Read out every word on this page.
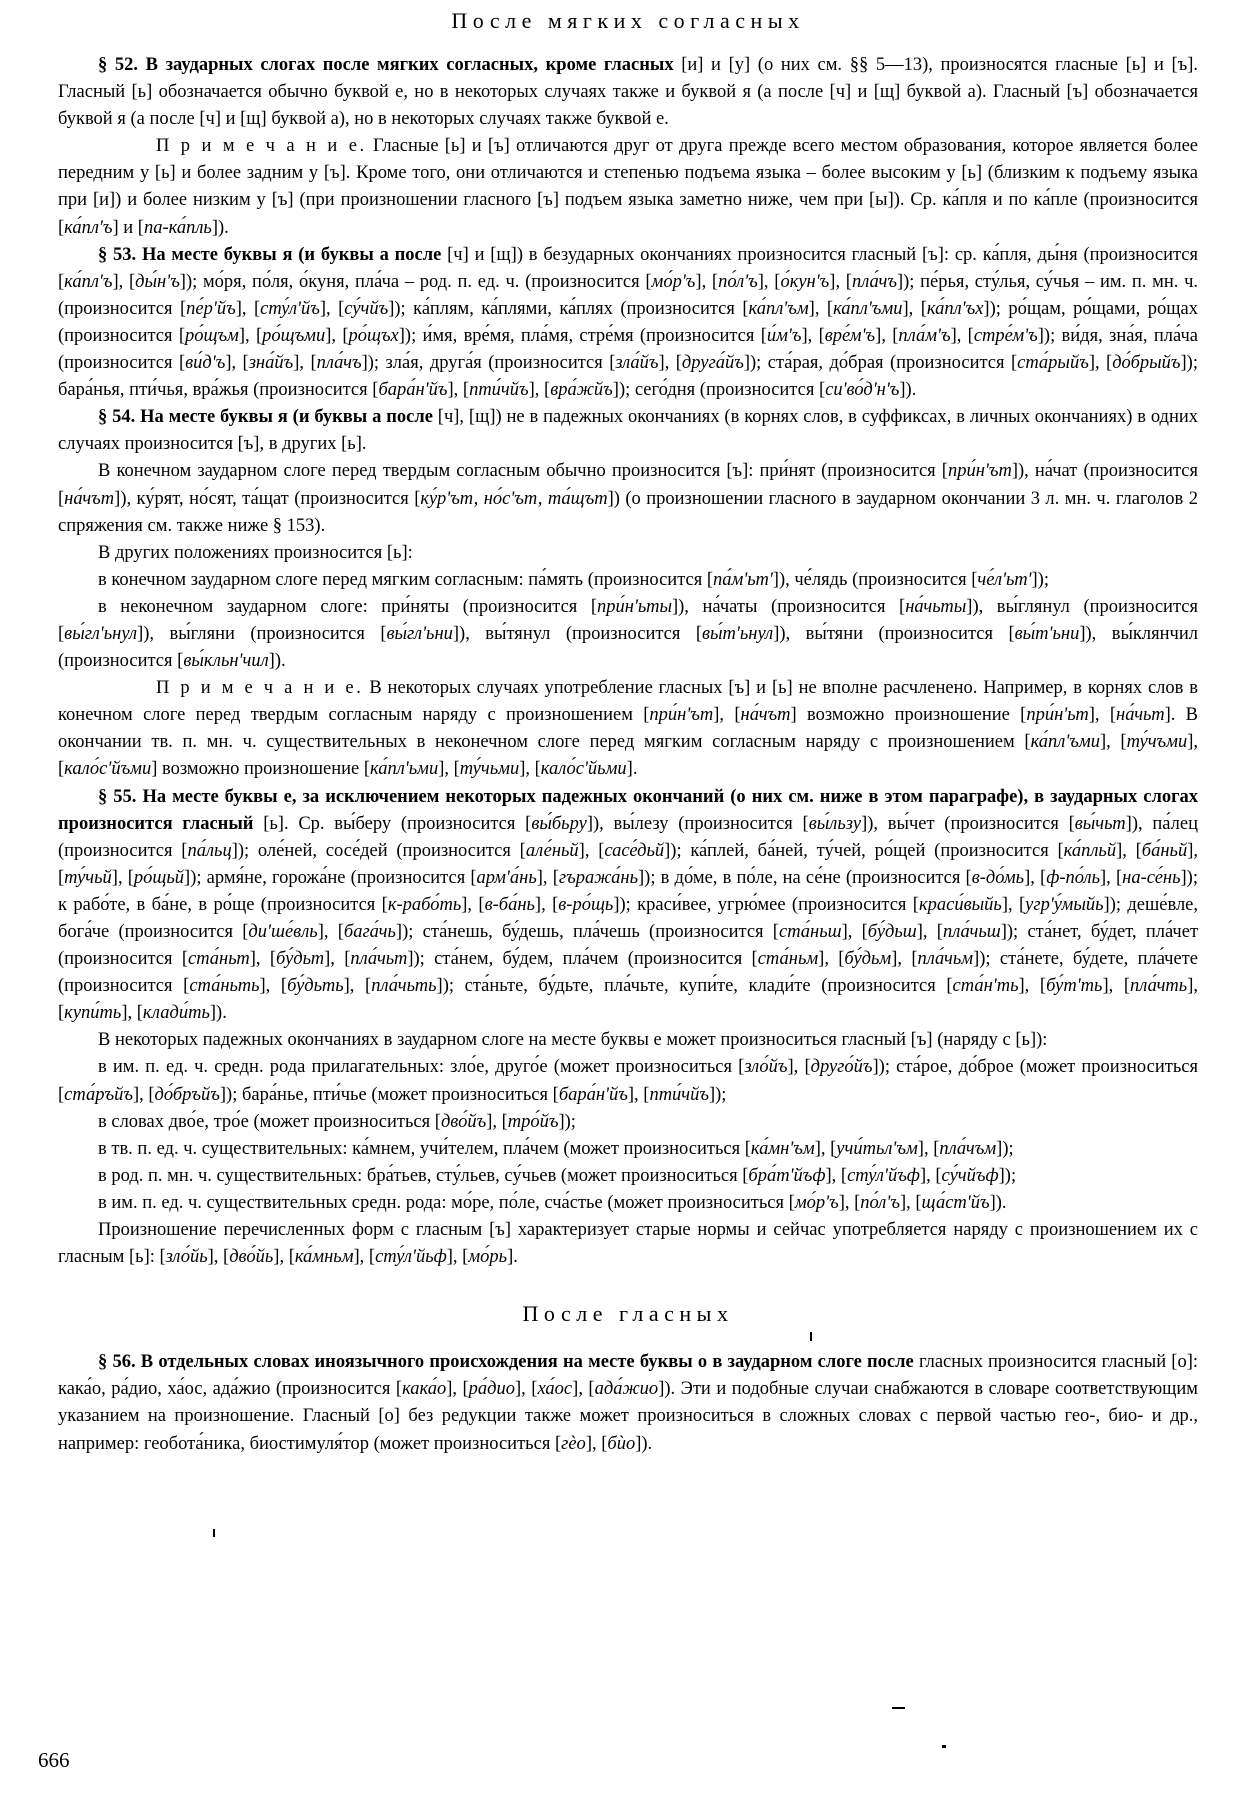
После мягких согласных

§ 52. В заударных слогах после мягких согласных, кроме гласных [и] и [у] (о них см. §§ 5—13), произносятся гласные [ь] и [ъ]. Гласный [ь] обозначается обычно буквой е, но в некоторых случаях также и буквой я (а после [ч] и [щ] буквой а). Гласный [ъ] обозначается буквой я (а после [ч] и [щ] буквой а), но в некоторых случаях также буквой е.

П р и м е ч а н и е. Гласные [ь] и [ъ] отличаются друг от друга прежде всего местом образования, которое является более передним у [ь] и более задним у [ъ]. Кроме того, они отличаются и степенью подъема языка – более высоким у [ь] (близким к подъему языка при [и]) и более низким у [ъ] (при произношении гласного [ъ] подъем языка заметно ниже, чем при [ы]). Ср. ка́пля и по ка́пле (произносится [ка́пл'ъ] и [па-ка́пль]).

§ 53. На месте буквы я (и буквы а после [ч] и [щ]) в безударных окончаниях произносится гласный [ъ]: ср. ка́пля, ды́ня (произносится [ка́пл'ъ], [ды́н'ъ]); мо́ря, по́ля, о́куня, пла́ча – род. п. ед. ч. (произносится [мо́р'ъ], [по́л'ъ], [о́кун'ъ], [пла́чъ]); пе́рья, сту́лья, су́чья – им. п. мн. ч. (произносится [пе́р'йъ], [сту́л'йъ], [су́чйъ]); ка́плям, ка́плями, ка́плях (произносится [ка́пл'ъм], [ка́пл'ъми], [ка́пл'ъх]); ро́щам, ро́щами, ро́щах (произносится [ро́щъм], [ро́щъми], [ро́щъх]); и́мя, вре́мя, пла́мя, стре́мя (произносится [и́м'ъ], [вре́м'ъ], [пла́м'ъ], [стре́м'ъ]); ви́дя, зна́я, пла́ча (произносится [ви́д'ъ], [зна́йъ], [пла́чъ]); зла́я, друга́я (произносится [зла́йъ], [друга́йъ]); ста́рая, до́брая (произносится [ста́рыйъ], [до́брыйъ]); бара́нья, пти́чья, вра́жья (произносится [бара́н'йъ], [пти́чйъ], [вра́жйъ]); сего́дня (произносится [си'во́д'н'ъ]).

§ 54. На месте буквы я (и буквы а после [ч], [щ]) не в падежных окончаниях (в корнях слов, в суффиксах, в личных окончаниях) в одних случаях произносится [ъ], в других [ь].

В конечном заударном слоге перед твердым согласным обычно произносится [ъ]: при́нят (произносится [при́н'ът]), на́чат (произносится [на́чът]), ку́рят, но́сят, та́щат (произносится [ку́р'ът, но́с'ът, та́щът]) (о произношении гласного в заударном окончании 3 л. мн. ч. глаголов 2 спряжения см. также ниже § 153).

В других положениях произносится [ь]:

в конечном заударном слоге перед мягким согласным: па́мять (произносится [па́м'ьт']), че́лядь (произносится [че́л'ьт']);

в неконечном заударном слоге: при́няты (произносится [при́н'ьты]), на́чаты (произносится [на́чьты]), вы́глянул (произносится [вы́гл'ьнул]), вы́гляни (произносится [вы́гл'ьни]), вы́тянул (произносится [вы́т'ьнул]), вы́тяни (произносится [вы́т'ьни]), вы́клянчил (произносится [вы́кльн'чил]).

П р и м е ч а н и е. В некоторых случаях употребление гласных [ъ] и [ь] не вполне расчленено. Например, в корнях слов в конечном слоге перед твердым согласным наряду с произношением [при́н'ът], [на́чът] возможно произношение [при́н'ьт], [на́чьт]. В окончании тв. п. мн. ч. существительных в неконечном слоге перед мягким согласным наряду с произношением [ка́пл'ъми], [ту́чъми], [кало́с'йъми] возможно произношение [ка́пл'ьми], [ту́чьми], [кало́с'йьми].

§ 55. На месте буквы е, за исключением некоторых падежных окончаний (о них см. ниже в этом параграфе), в заударных слогах произносится гласный [ь]. Ср. вы́беру (произносится [вы́бьру]), вы́лезу (произносится [вы́льзу]), вы́чет (произносится [вы́чьт]), па́лец (произносится [па́льц]); оле́ней, сосе́дей (произносится [але́ньй], [сасе́дьй]); ка́плей, ба́ней, ту́чей, ро́щей (произносится [ка́пльй], [ба́ньй], [ту́чьй], [ро́щьй]); армя́не, горожа́не (произносится [арм'а́нь], [гъража́нь]); в до́ме, в по́ле, на се́не (произносится [в-до́мь], [ф-по́ль], [на-се́нь]); к рабо́те, в ба́не, в ро́ще (произносится [к-рабо́ть], [в-ба́нь], [в-ро́щь]); краси́вее, угрю́мее (произносится [краси́выйь], [угр'у́мыйь]); деше́вле, бога́че (произносится [ди'ше́вль], [бага́чь]); ста́нешь, бу́дешь, пла́чешь (произносится [ста́ньш], [бу́дьш], [пла́чьш]); ста́нет, бу́дет, пла́чет (произносится [ста́ньт], [бу́дьт], [пла́чьт]); ста́нем, бу́дем, пла́чем (произносится [ста́ньм], [бу́дьм], [пла́чьм]); ста́нете, бу́дете, пла́чете (произносится [ста́ньть], [бу́дьть], [пла́чьть]); ста́ньте, бу́дьте, пла́чьте, купи́те, клади́те (произносится [ста́н'ть], [бу́т'ть], [пла́чть], [купи́ть], [клади́ть]).

В некоторых падежных окончаниях в заударном слоге на месте буквы е может произноситься гласный [ъ] (наряду с [ь]):

в им. п. ед. ч. средн. рода прилагательных: зло́е, друго́е (может произноситься [зло́йъ], [друго́йъ]); ста́рое, до́брое (может произноситься [ста́ръйъ], [до́бръйъ]); бара́нье, пти́чье (может произноситься [бара́н'йъ], [пти́чйъ]);

в словах дво́е, тро́е (может произноситься [дво́йъ], [тро́йъ]);

в тв. п. ед. ч. существительных: ка́мнем, учи́телем, пла́чем (может произноситься [ка́мн'ъм], [учи́тьл'ъм], [пла́чъм]);

в род. п. мн. ч. существительных: бра́тьев, сту́льев, су́чьев (может произноситься [бра́т'йъф], [сту́л'йъф], [су́чйъф]);

в им. п. ед. ч. существительных средн. рода: мо́ре, по́ле, сча́стье (может произноситься [мо́р'ъ], [по́л'ъ], [ща́ст'йъ]).

Произношение перечисленных форм с гласным [ъ] характеризует старые нормы и сейчас употребляется наряду с произношением их с гласным [ь]: [зло́йь], [дво́йь], [ка́мньм], [сту́л'йьф], [мо́рь].

После гласных

§ 56. В отдельных словах иноязычного происхождения на месте буквы о в заударном слоге после гласных произносится гласный [о]: кака́о, ра́дио, ха́ос, ада́жио (произносится [кака́о], [ра́дио], [ха́ос], [ада́жио]). Эти и подобные случаи снабжаются в словаре соответствующим указанием на произношение. Гласный [о] без редукции также может произноситься в сложных словах с первой частью гео-, био- и др., например: геобота́ника, биостимуля́тор (может произноситься [гѐо], [бѝо]).

666
